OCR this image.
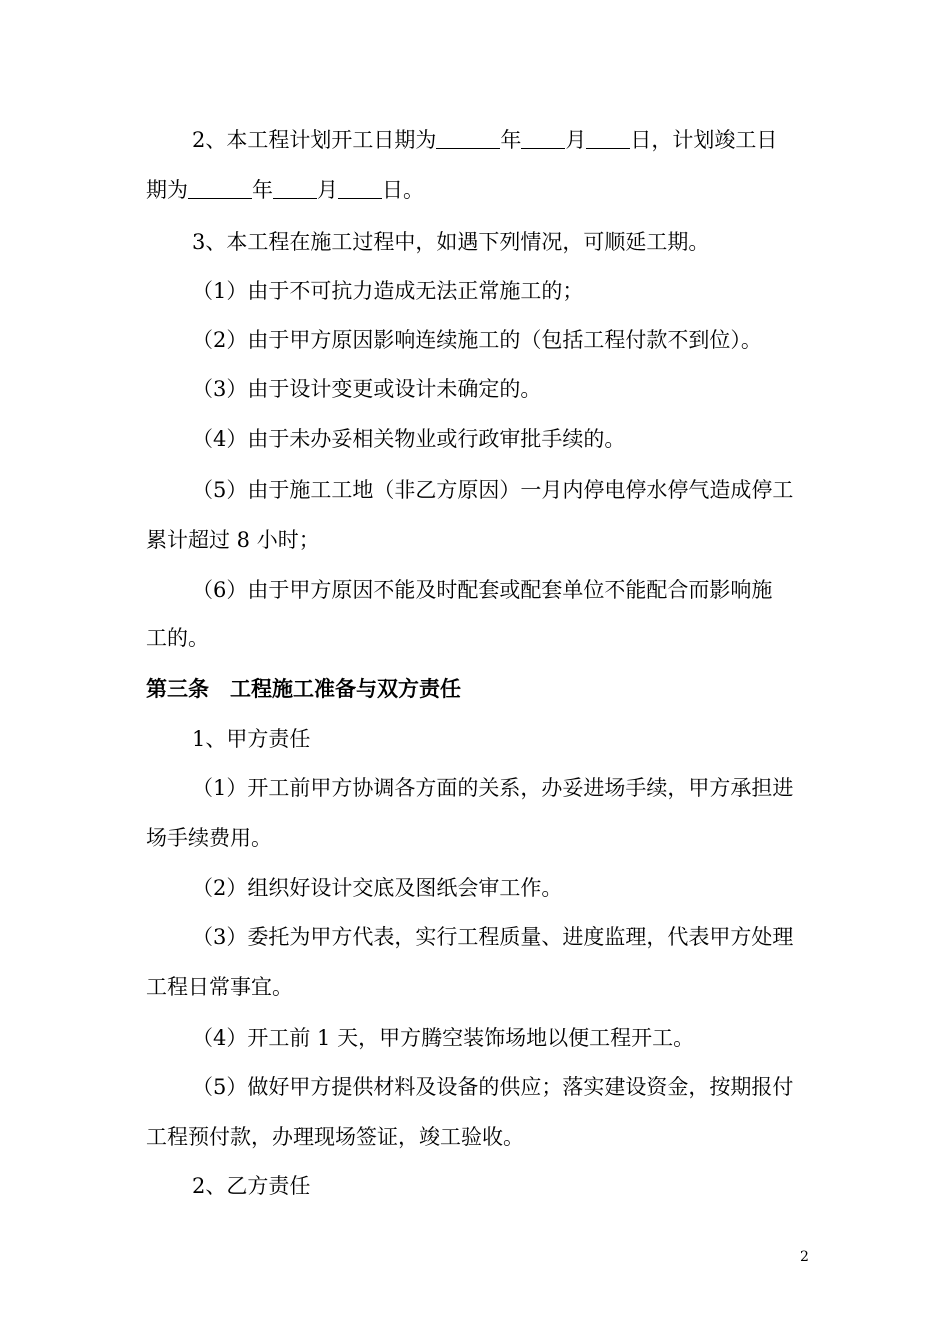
2、本工程计划开工日期为	年 月 日，计划竣工日
期为	年 月 日。
3、本工程在施工过程中，如遇下列情况，可顺延工期。
（1）由于不可抗力造成无法正常施工的；
（2）由于甲方原因影响连续施工的（包括工程付款不到位）。
（3）由于设计变更或设计未确定的。
（4）由于未办妥相关物业或行政审批手续的。
（5）由于施工工地（非乙方原因）一月内停电停水停气造成停工
累计超过 8 小时；
（6）由于甲方原因不能及时配套或配套单位不能配合而影响施
工的。
第三条　工程施工准备与双方责任
1、甲方责任
（1）开工前甲方协调各方面的关系，办妥进场手续，甲方承担进
场手续费用。
（2）组织好设计交底及图纸会审工作。
（3）委托为甲方代表，实行工程质量、进度监理，代表甲方处理
工程日常事宜。
（4）开工前 1 天，甲方腾空装饰场地以便工程开工。
（5）做好甲方提供材料及设备的供应；落实建设资金，按期报付
工程预付款，办理现场签证，竣工验收。
2、乙方责任
2
